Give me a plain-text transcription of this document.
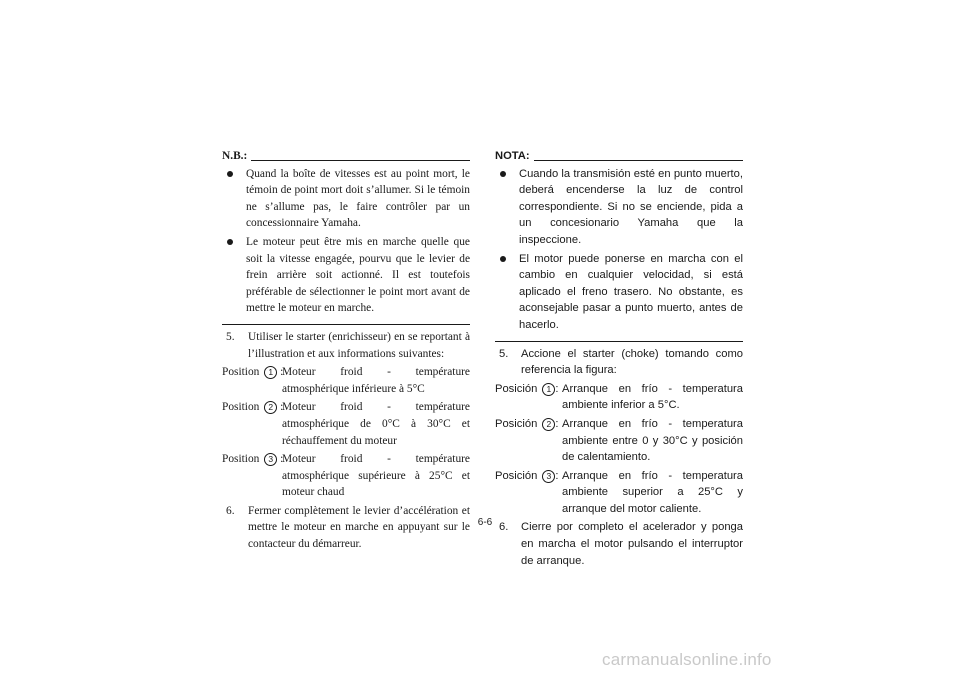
N.B.:
Quand la boîte de vitesses est au point mort, le témoin de point mort doit s’allumer. Si le témoin ne s’allume pas, le faire contrôler par un concessionnaire Yamaha.
Le moteur peut être mis en marche quelle que soit la vitesse engagée, pourvu que le levier de frein arrière soit actionné. Il est toutefois préférable de sélectionner le point mort avant de mettre le moteur en marche.
5. Utiliser le starter (enrichisseur) en se reportant à l’illustration et aux informations suivantes:
Position 1 :
Moteur froid - température atmosphérique inférieure à 5°C
Position 2 :
Moteur froid - température atmosphérique de 0°C à 30°C et réchauffement du moteur
Position 3 :
Moteur froid - température atmosphérique supérieure à 25°C et moteur chaud
6. Fermer complètement le levier d’accélération et mettre le moteur en marche en appuyant sur le contacteur du démarreur.
NOTA:
Cuando la transmisión esté en punto muerto, deberá encenderse la luz de control correspondiente. Si no se enciende, pida a un concesionario Yamaha que la inspeccione.
El motor puede ponerse en marcha con el cambio en cualquier velocidad, si está aplicado el freno trasero. No obstante, es aconsejable pasar a punto muerto, antes de hacerlo.
5. Accione el starter (choke) tomando como referencia la figura:
Posición 1 : Arranque en frío - temperatura ambiente inferior a 5°C.
Posición 2 : Arranque en frío - temperatura ambiente entre 0 y 30°C y posición de calentamiento.
Posición 3 : Arranque en frío - temperatura ambiente superior a 25°C y arranque del motor caliente.
6. Cierre por completo el acelerador y ponga en marcha el motor pulsando el interruptor de arranque.
6-6
carmanualsonline.info
